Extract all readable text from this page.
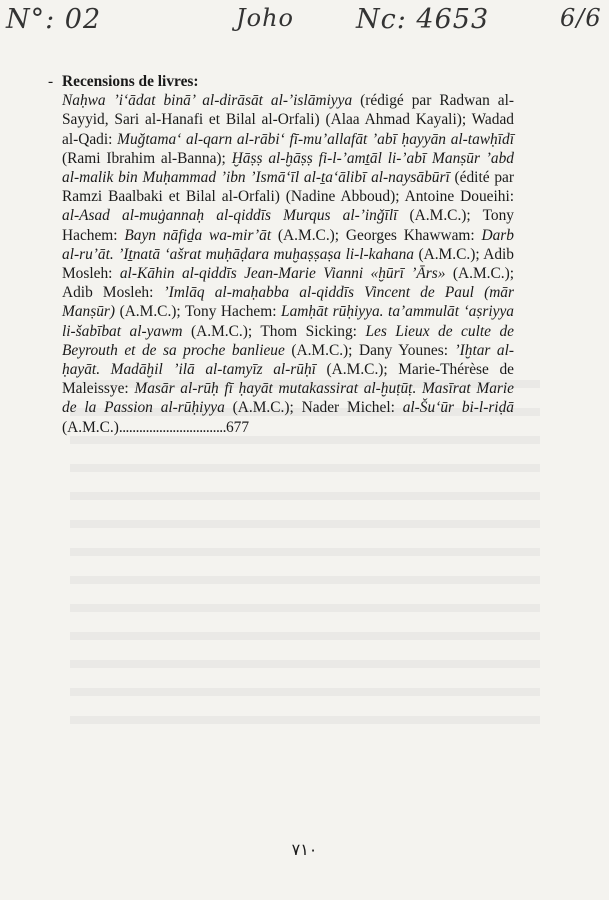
N°: 02	Joho Nc: 4653	6/6
- Recensions de livres:
Naḥwa ’i‘ādat binā’ al-dirāsāt al-’islāmiyya (rédigé par Radwan al-Sayyid, Sari al-Hanafi et Bilal al-Orfali) (Alaa Ahmad Kayali); Wadad al-Qadi: Muğtama‘ al-qarn al-rābi‘ fī-mu’allafāt ’abī ḥayyān al-tawḥīdī (Rami Ibrahim al-Banna); Ḫāṣṣ al-ḫāṣṣ fi-l-’amṯāl li-’abī Manṣūr ’abd al-malik bin Muḥammad ’ibn ’Ismā‘īl al-ṯa‘ālibī al-naysābūrī (édité par Ramzi Baalbaki et Bilal al-Orfali) (Nadine Abboud); Antoine Doueihi: al-Asad al-muġannaḥ al-qiddīs Murqus al-’inǧīlī (A.M.C.); Tony Hachem: Bayn nāfiḏa wa-mir’āt (A.M.C.); Georges Khawwam: Darb al-ru’āt. ’Iṯnatā ‘ašrat muḥāḍara muḫaṣṣaṣa li-l-kahana (A.M.C.); Adib Mosleh: al-Kāhin al-qiddīs Jean-Marie Vianni «ḫūrī ’Ārs» (A.M.C.); Adib Mosleh: ’Imlāq al-maḥabba al-qiddīs Vincent de Paul (mār Manṣūr) (A.M.C.); Tony Hachem: Lamḥāt rūḥiyya. ta’ammulāt ‘aṣriyya li-šabībat al-yawm (A.M.C.); Thom Sicking: Les Lieux de culte de Beyrouth et de sa proche banlieue (A.M.C.); Dany Younes: ’Iḫtar al-ḥayāt. Madāḫil ’ilā al-tamyīz al-rūḥī (A.M.C.); Marie-Thérèse de Maleissye: Masār al-rūḥ fī ḥayāt mutakassirat al-ḫuṭūṭ. Masīrat Marie de la Passion al-rūḥiyya (A.M.C.); Nader Michel: al-Šu‘ūr bi-l-riḍā (A.M.C.)................................677
٧١٠
